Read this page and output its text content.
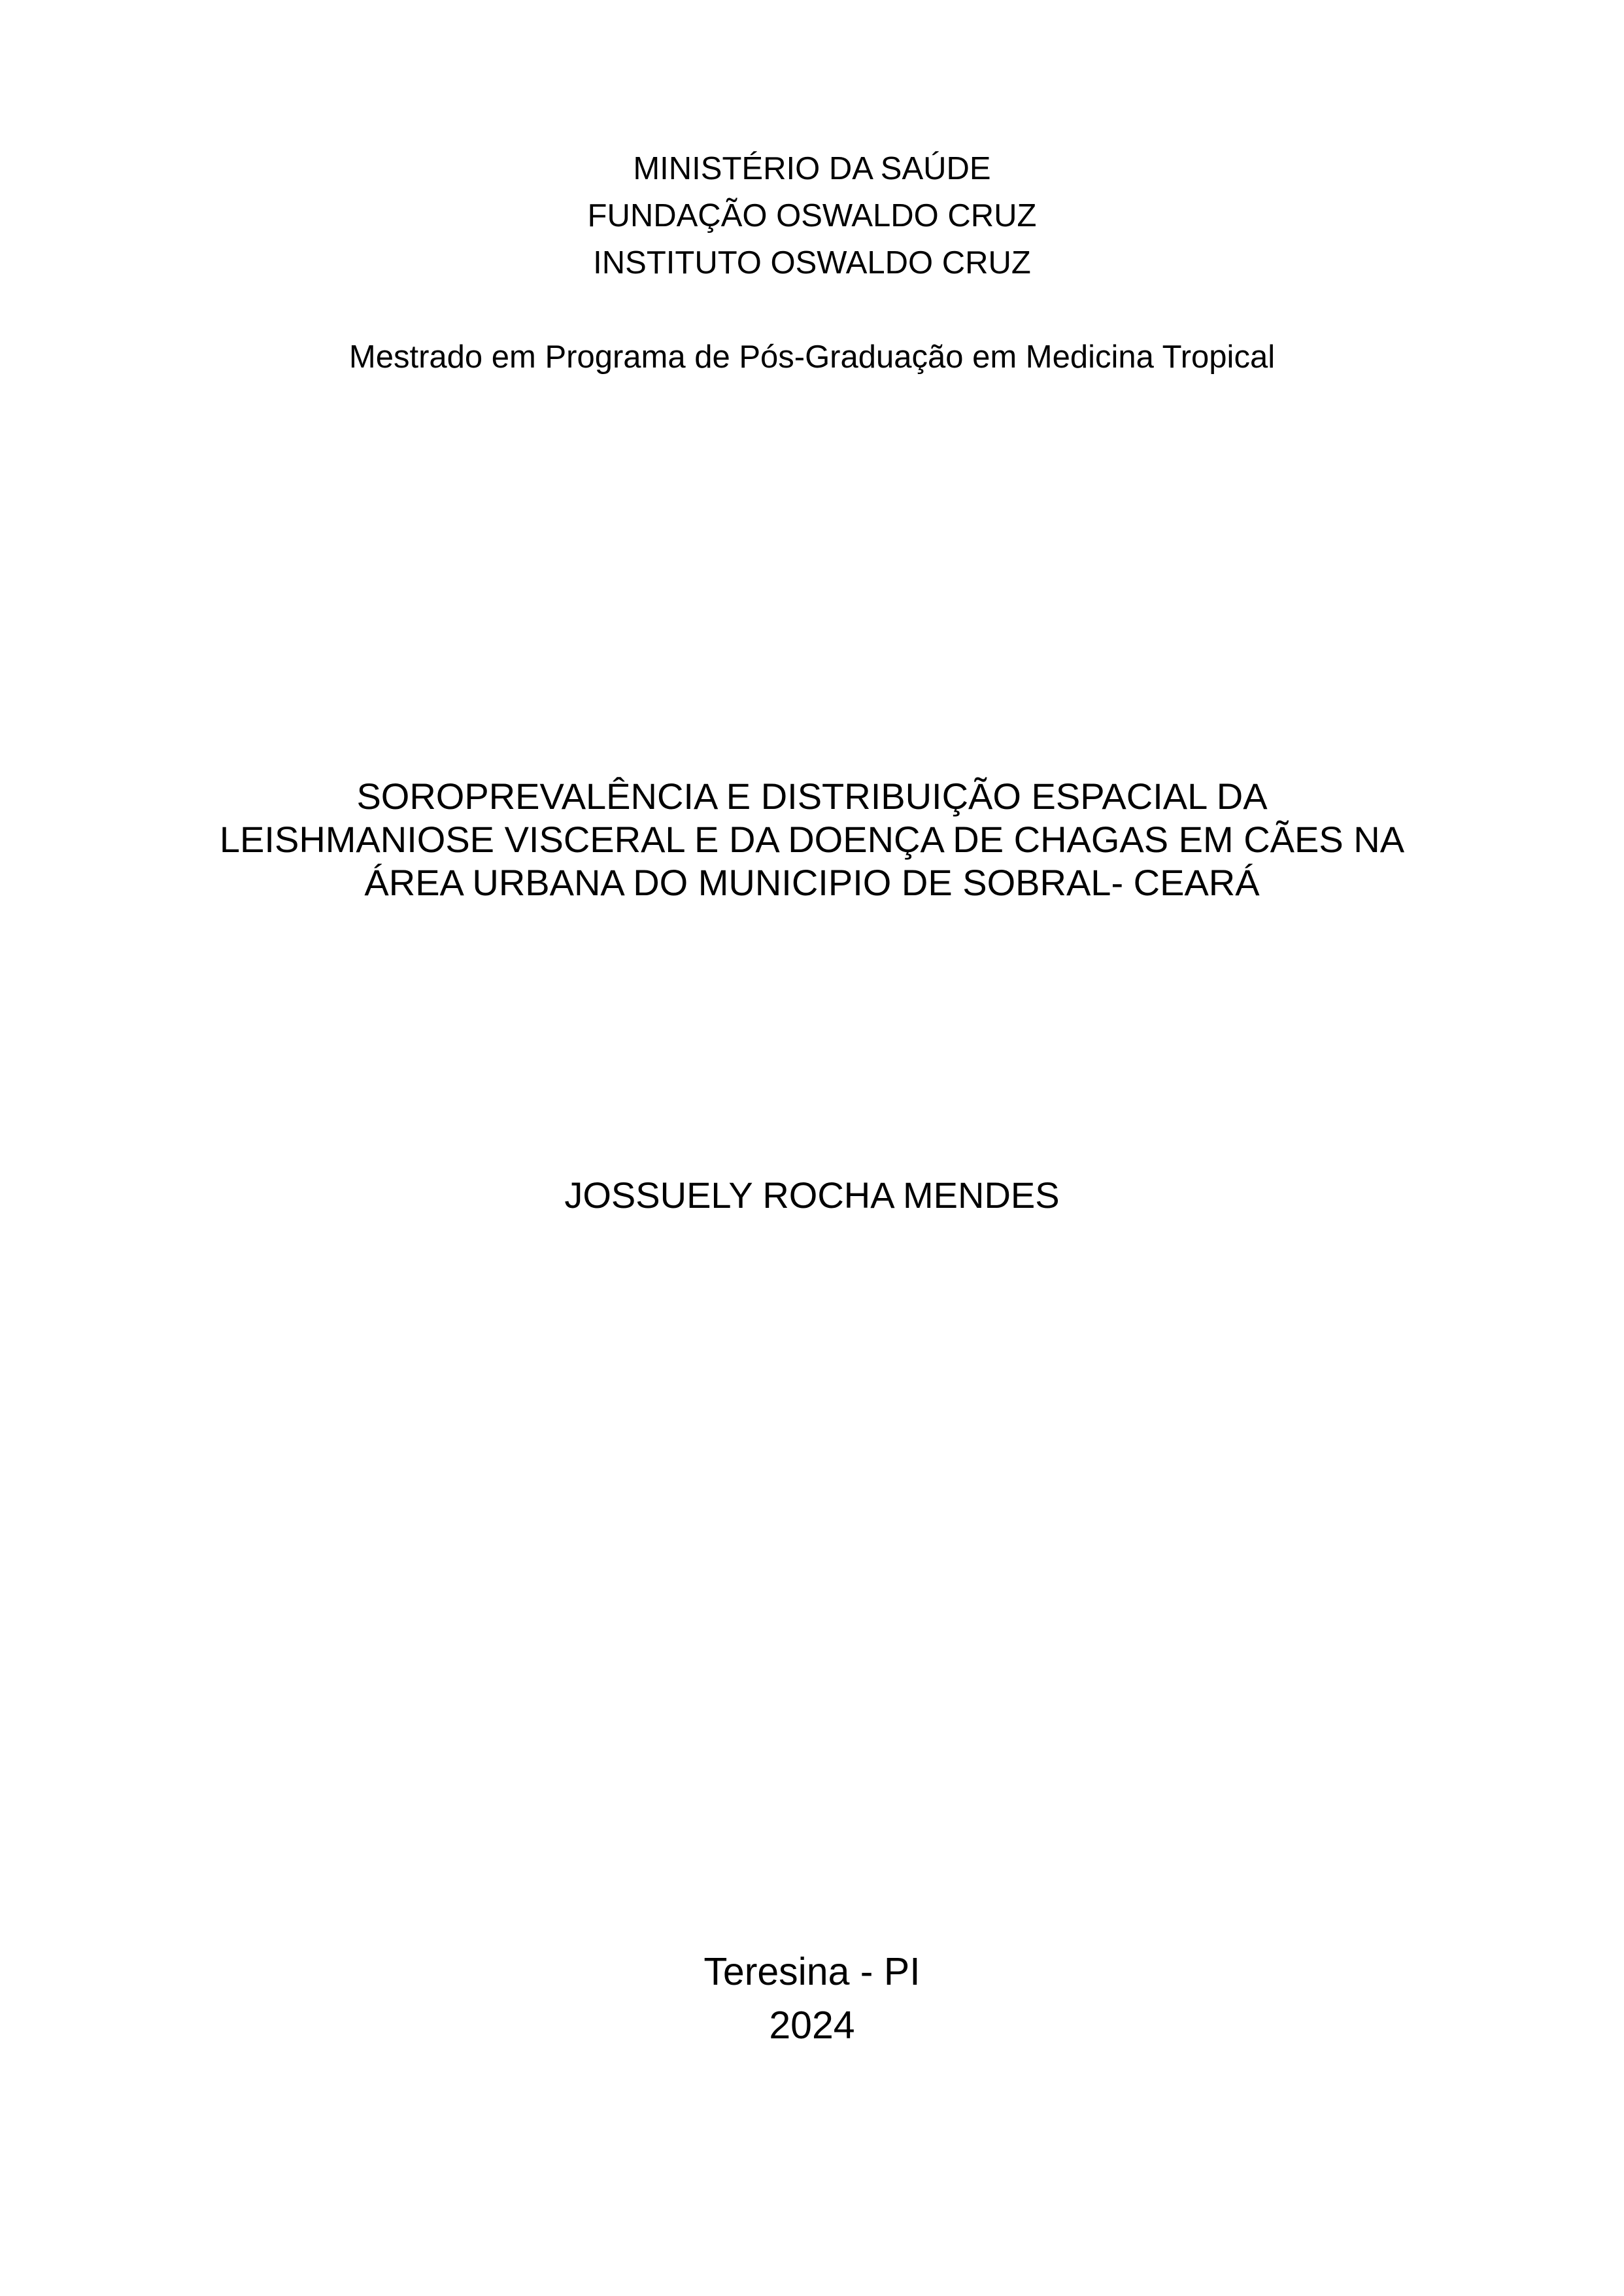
MINISTÉRIO DA SAÚDE
FUNDAÇÃO OSWALDO CRUZ
INSTITUTO OSWALDO CRUZ
Mestrado em Programa de Pós-Graduação em Medicina Tropical
SOROPREVALÊNCIA E DISTRIBUIÇÃO ESPACIAL DA
LEISHMANIOSE VISCERAL E DA DOENÇA DE CHAGAS EM CÃES NA
ÁREA URBANA DO MUNICIPIO DE SOBRAL- CEARÁ
JOSSUELY ROCHA MENDES
Teresina - PI
2024
